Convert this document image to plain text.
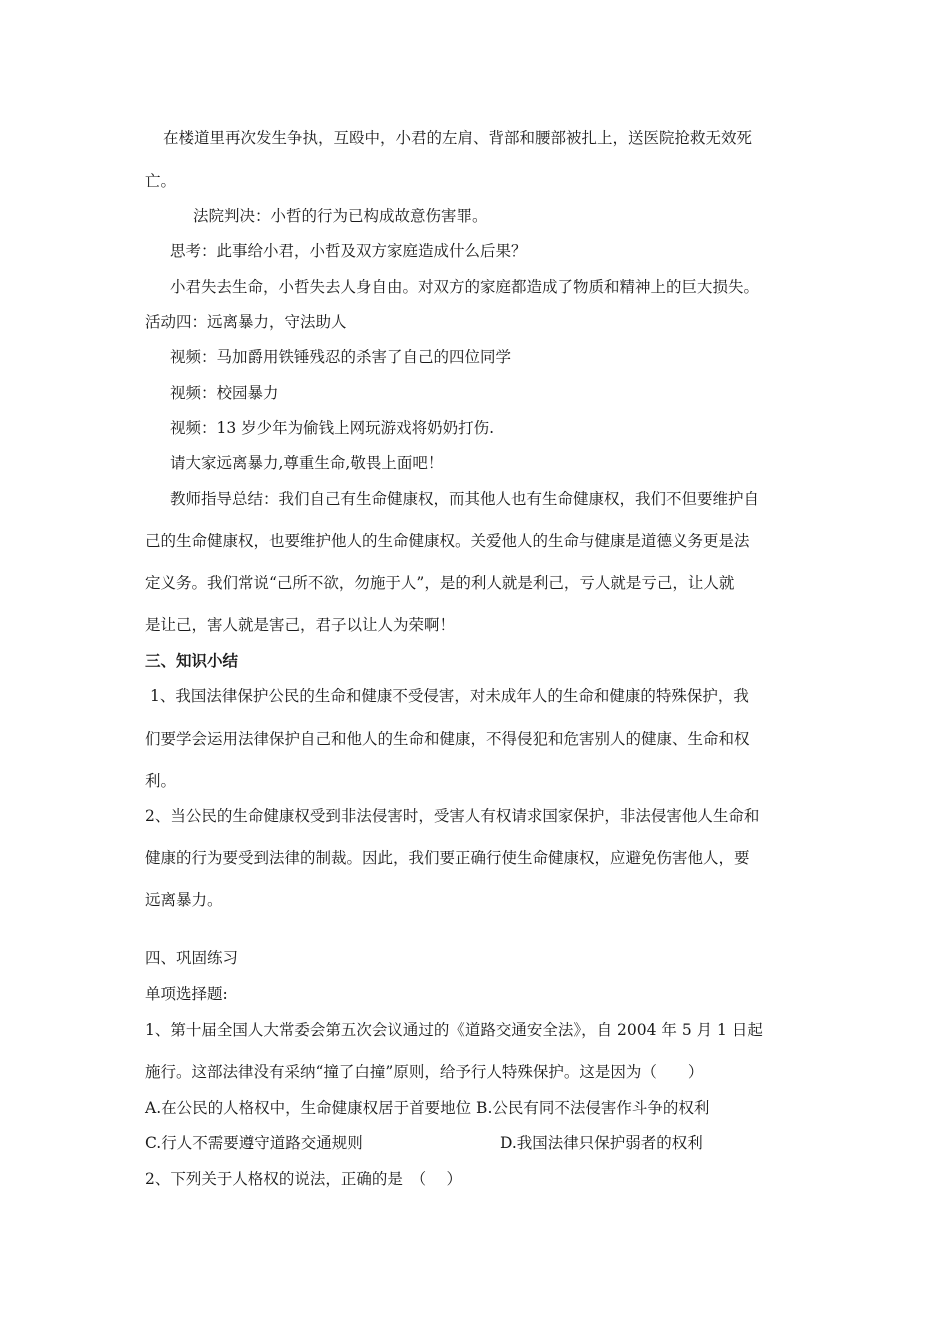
在楼道里再次发生争执，互殴中，小君的左肩、背部和腰部被扎上，送医院抢救无效死
亡。
法院判决：小哲的行为已构成故意伤害罪。
思考：此事给小君，小哲及双方家庭造成什么后果？
小君失去生命，小哲失去人身自由。对双方的家庭都造成了物质和精神上的巨大损失。
活动四：远离暴力，守法助人
视频：马加爵用铁锤残忍的杀害了自己的四位同学
视频：校园暴力
视频：13 岁少年为偷钱上网玩游戏将奶奶打伤.
请大家远离暴力,尊重生命,敬畏上面吧！
教师指导总结：我们自己有生命健康权，而其他人也有生命健康权，我们不但要维护自
己的生命健康权，也要维护他人的生命健康权。关爱他人的生命与健康是道德义务更是法
定义务。我们常说“己所不欲，勿施于人”，是的利人就是利己，亏人就是亏己，让人就
是让己，害人就是害己，君子以让人为荣啊！
三、知识小结
1、我国法律保护公民的生命和健康不受侵害，对未成年人的生命和健康的特殊保护，我
们要学会运用法律保护自己和他人的生命和健康，不得侵犯和危害别人的健康、生命和权
利。
2、当公民的生命健康权受到非法侵害时，受害人有权请求国家保护，非法侵害他人生命和
健康的行为要受到法律的制裁。因此，我们要正确行使生命健康权，应避免伤害他人，要
远离暴力。
四、巩固练习
单项选择题:
1、第十届全国人大常委会第五次会议通过的《道路交通安全法》，自 2004 年 5 月 1 日起
施行。这部法律没有采纳“撞了白撞”原则，给予行人特殊保护。这是因为（　　）
A.在公民的人格权中，生命健康权居于首要地位 B.公民有同不法侵害作斗争的权利
C.行人不需要遵守道路交通规则	D.我国法律只保护弱者的权利
2、下列关于人格权的说法，正确的是　（　 ）
